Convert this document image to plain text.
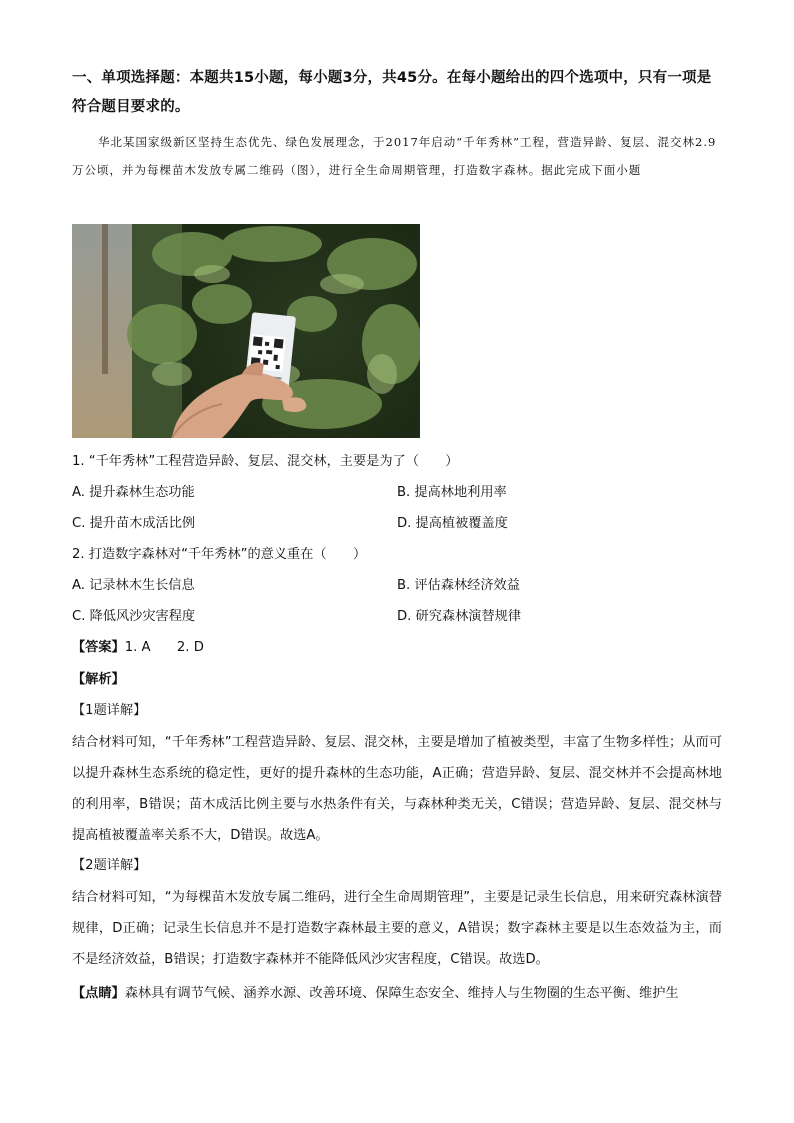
一、单项选择题：本题共15小题，每小题3分，共45分。在每小题给出的四个选项中，只有一项是符合题目要求的。
华北某国家级新区坚持生态优先、绿色发展理念，于2017年启动“千年秀林”工程，营造异龄、复层、混交林2.9万公顷，并为每棵苗木发放专属二维码（图），进行全生命周期管理，打造数字森林。据此完成下面小题
1. “千年秀林”工程营造异龄、复层、混交林，主要是为了（　　）
A. 提升森林生态功能	B. 提高林地利用率
C. 提升苗木成活比例	D. 提高植被覆盖度
2. 打造数字森林对“千年秀林”的意义重在（　　）
A. 记录林木生长信息	B. 评估森林经济效益
C. 降低风沙灾害程度	D. 研究森林演替规律
【答案】1. A　　2. D
【解析】
【1题详解】
结合材料可知，“千年秀林”工程营造异龄、复层、混交林，主要是增加了植被类型，丰富了生物多样性；从而可以提升森林生态系统的稳定性，更好的提升森林的生态功能，A正确；营造异龄、复层、混交林并不会提高林地的利用率，B错误；苗木成活比例主要与水热条件有关，与森林种类无关，C错误；营造异龄、复层、混交林与提高植被覆盖率关系不大，D错误。故选A。
【2题详解】
结合材料可知，“为每棵苗木发放专属二维码，进行全生命周期管理”，主要是记录生长信息，用来研究森林演替规律，D正确；记录生长信息并不是打造数字森林最主要的意义，A错误；数字森林主要是以生态效益为主，而不是经济效益，B错误；打造数字森林并不能降低风沙灾害程度，C错误。故选D。
【点睛】森林具有调节气候、涵养水源、改善环境、保障生态安全、维持人与生物圈的生态平衡、维护生
